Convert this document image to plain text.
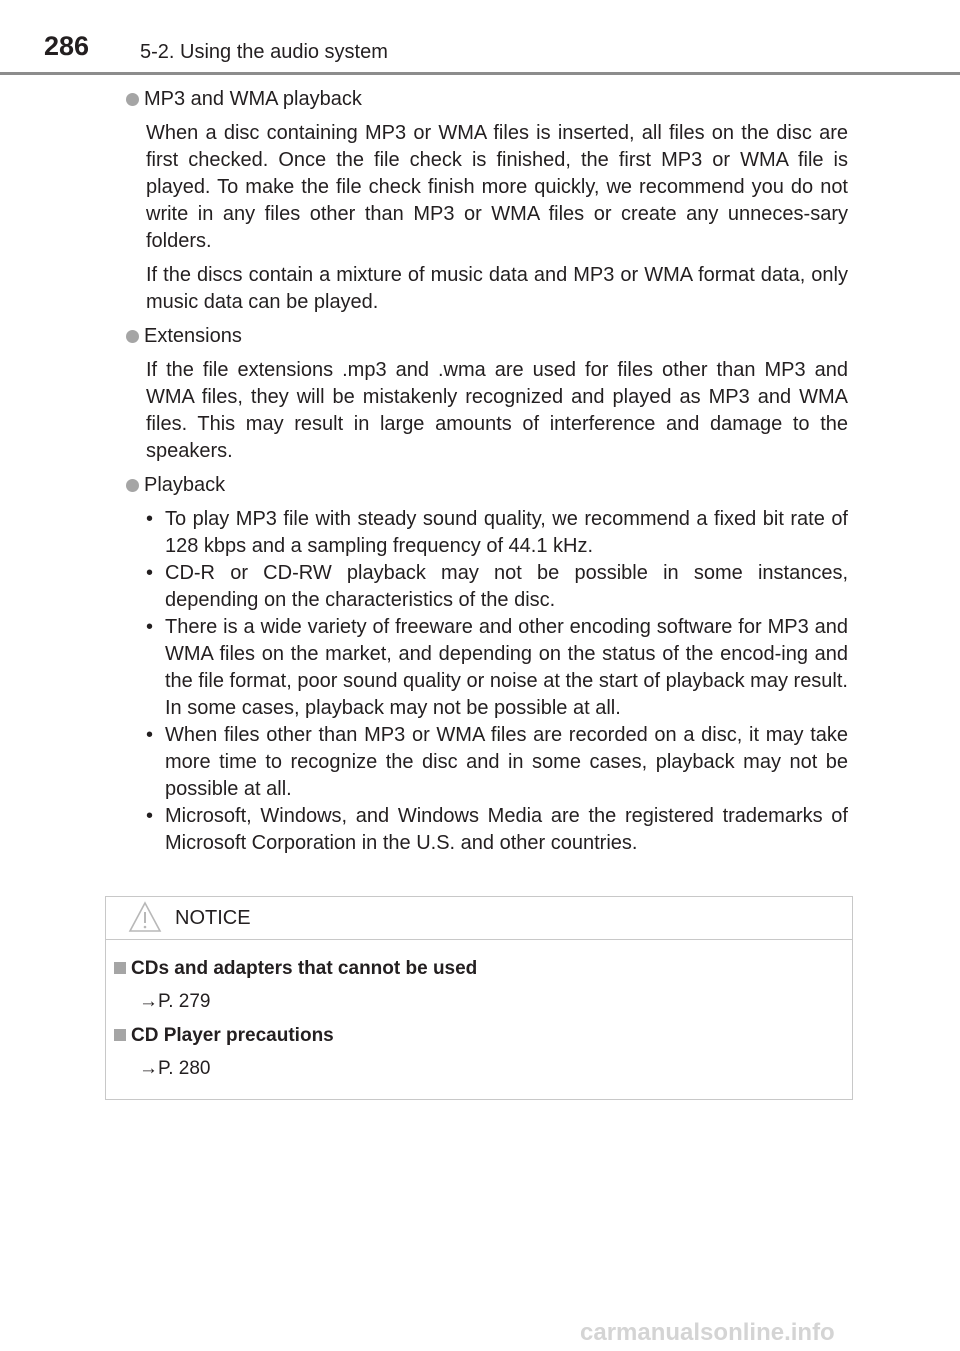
286	5-2. Using the audio system
MP3 and WMA playback

When a disc containing MP3 or WMA files is inserted, all files on the disc are first checked. Once the file check is finished, the first MP3 or WMA file is played. To make the file check finish more quickly, we recommend you do not write in any files other than MP3 or WMA files or create any unneces-sary folders.

If the discs contain a mixture of music data and MP3 or WMA format data, only music data can be played.

Extensions

If the file extensions .mp3 and .wma are used for files other than MP3 and WMA files, they will be mistakenly recognized and played as MP3 and WMA files. This may result in large amounts of interference and damage to the speakers.

Playback
• To play MP3 file with steady sound quality, we recommend a fixed bit rate of 128 kbps and a sampling frequency of 44.1 kHz.
• CD-R or CD-RW playback may not be possible in some instances, depending on the characteristics of the disc.
• There is a wide variety of freeware and other encoding software for MP3 and WMA files on the market, and depending on the status of the encod-ing and the file format, poor sound quality or noise at the start of playback may result. In some cases, playback may not be possible at all.
• When files other than MP3 or WMA files are recorded on a disc, it may take more time to recognize the disc and in some cases, playback may not be possible at all.
• Microsoft, Windows, and Windows Media are the registered trademarks of Microsoft Corporation in the U.S. and other countries.
NOTICE
CDs and adapters that cannot be used
→P. 279
CD Player precautions
→P. 280
carmanualsonline.info
